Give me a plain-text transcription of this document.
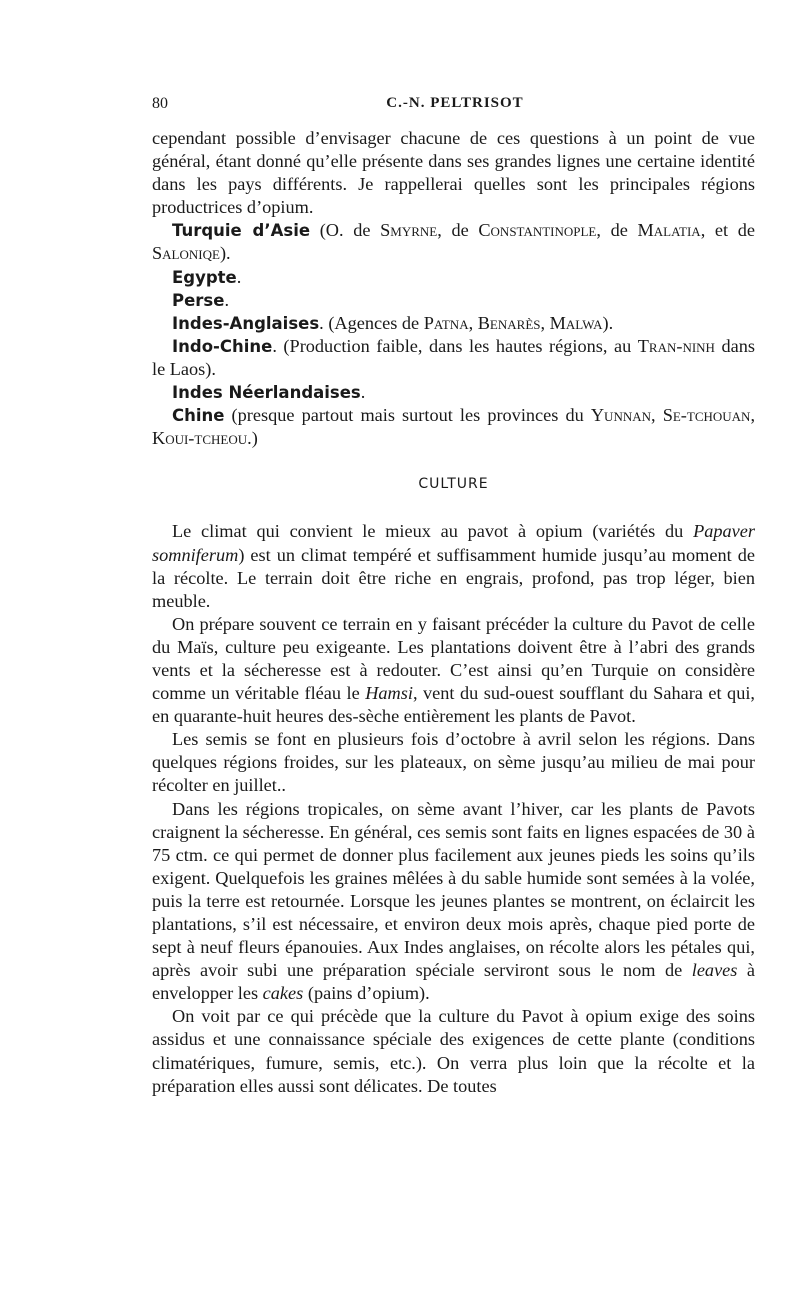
80	C.-N. PELTRISOT

cependant possible d’envisager chacune de ces questions à un point de vue général, étant donné qu’elle présente dans ses grandes lignes une certaine identité dans les pays différents. Je rappellerai quelles sont les principales régions productrices d’opium.

Turquie d’Asie (O. de Smyrne, de Constantinople, de Malatia, et de Saloniqe).

Egypte.

Perse.

Indes-Anglaises. (Agences de Patna, Benarès, Malwa).

Indo-Chine. (Production faible, dans les hautes régions, au Tran-ninh dans le Laos).

Indes Néerlandaises.

Chine (presque partout mais surtout les provinces du Yunnan, Se-tchouan, Koui-tcheou.)

CULTURE

Le climat qui convient le mieux au pavot à opium (variétés du Papaver somniferum) est un climat tempéré et suffisamment humide jusqu’au moment de la récolte. Le terrain doit être riche en engrais, profond, pas trop léger, bien meuble.

On prépare souvent ce terrain en y faisant précéder la culture du Pavot de celle du Maïs, culture peu exigeante. Les plantations doivent être à l’abri des grands vents et la sécheresse est à redouter. C’est ainsi qu’en Turquie on considère comme un véritable fléau le Hamsi, vent du sud-ouest soufflant du Sahara et qui, en quarante-huit heures des-sèche entièrement les plants de Pavot.

Les semis se font en plusieurs fois d’octobre à avril selon les régions. Dans quelques régions froides, sur les plateaux, on sème jusqu’au milieu de mai pour récolter en juillet..

Dans les régions tropicales, on sème avant l’hiver, car les plants de Pavots craignent la sécheresse. En général, ces semis sont faits en lignes espacées de 30 à 75 ctm. ce qui permet de donner plus facilement aux jeunes pieds les soins qu’ils exigent. Quelquefois les graines mêlées à du sable humide sont semées à la volée, puis la terre est retournée. Lorsque les jeunes plantes se montrent, on éclaircit les plantations, s’il est nécessaire, et environ deux mois après, chaque pied porte de sept à neuf fleurs épanouies. Aux Indes anglaises, on récolte alors les pétales qui, après avoir subi une préparation spéciale serviront sous le nom de leaves à envelopper les cakes (pains d’opium).

On voit par ce qui précède que la culture du Pavot à opium exige des soins assidus et une connaissance spéciale des exigences de cette plante (conditions climatériques, fumure, semis, etc.). On verra plus loin que la récolte et la préparation elles aussi sont délicates. De toutes
